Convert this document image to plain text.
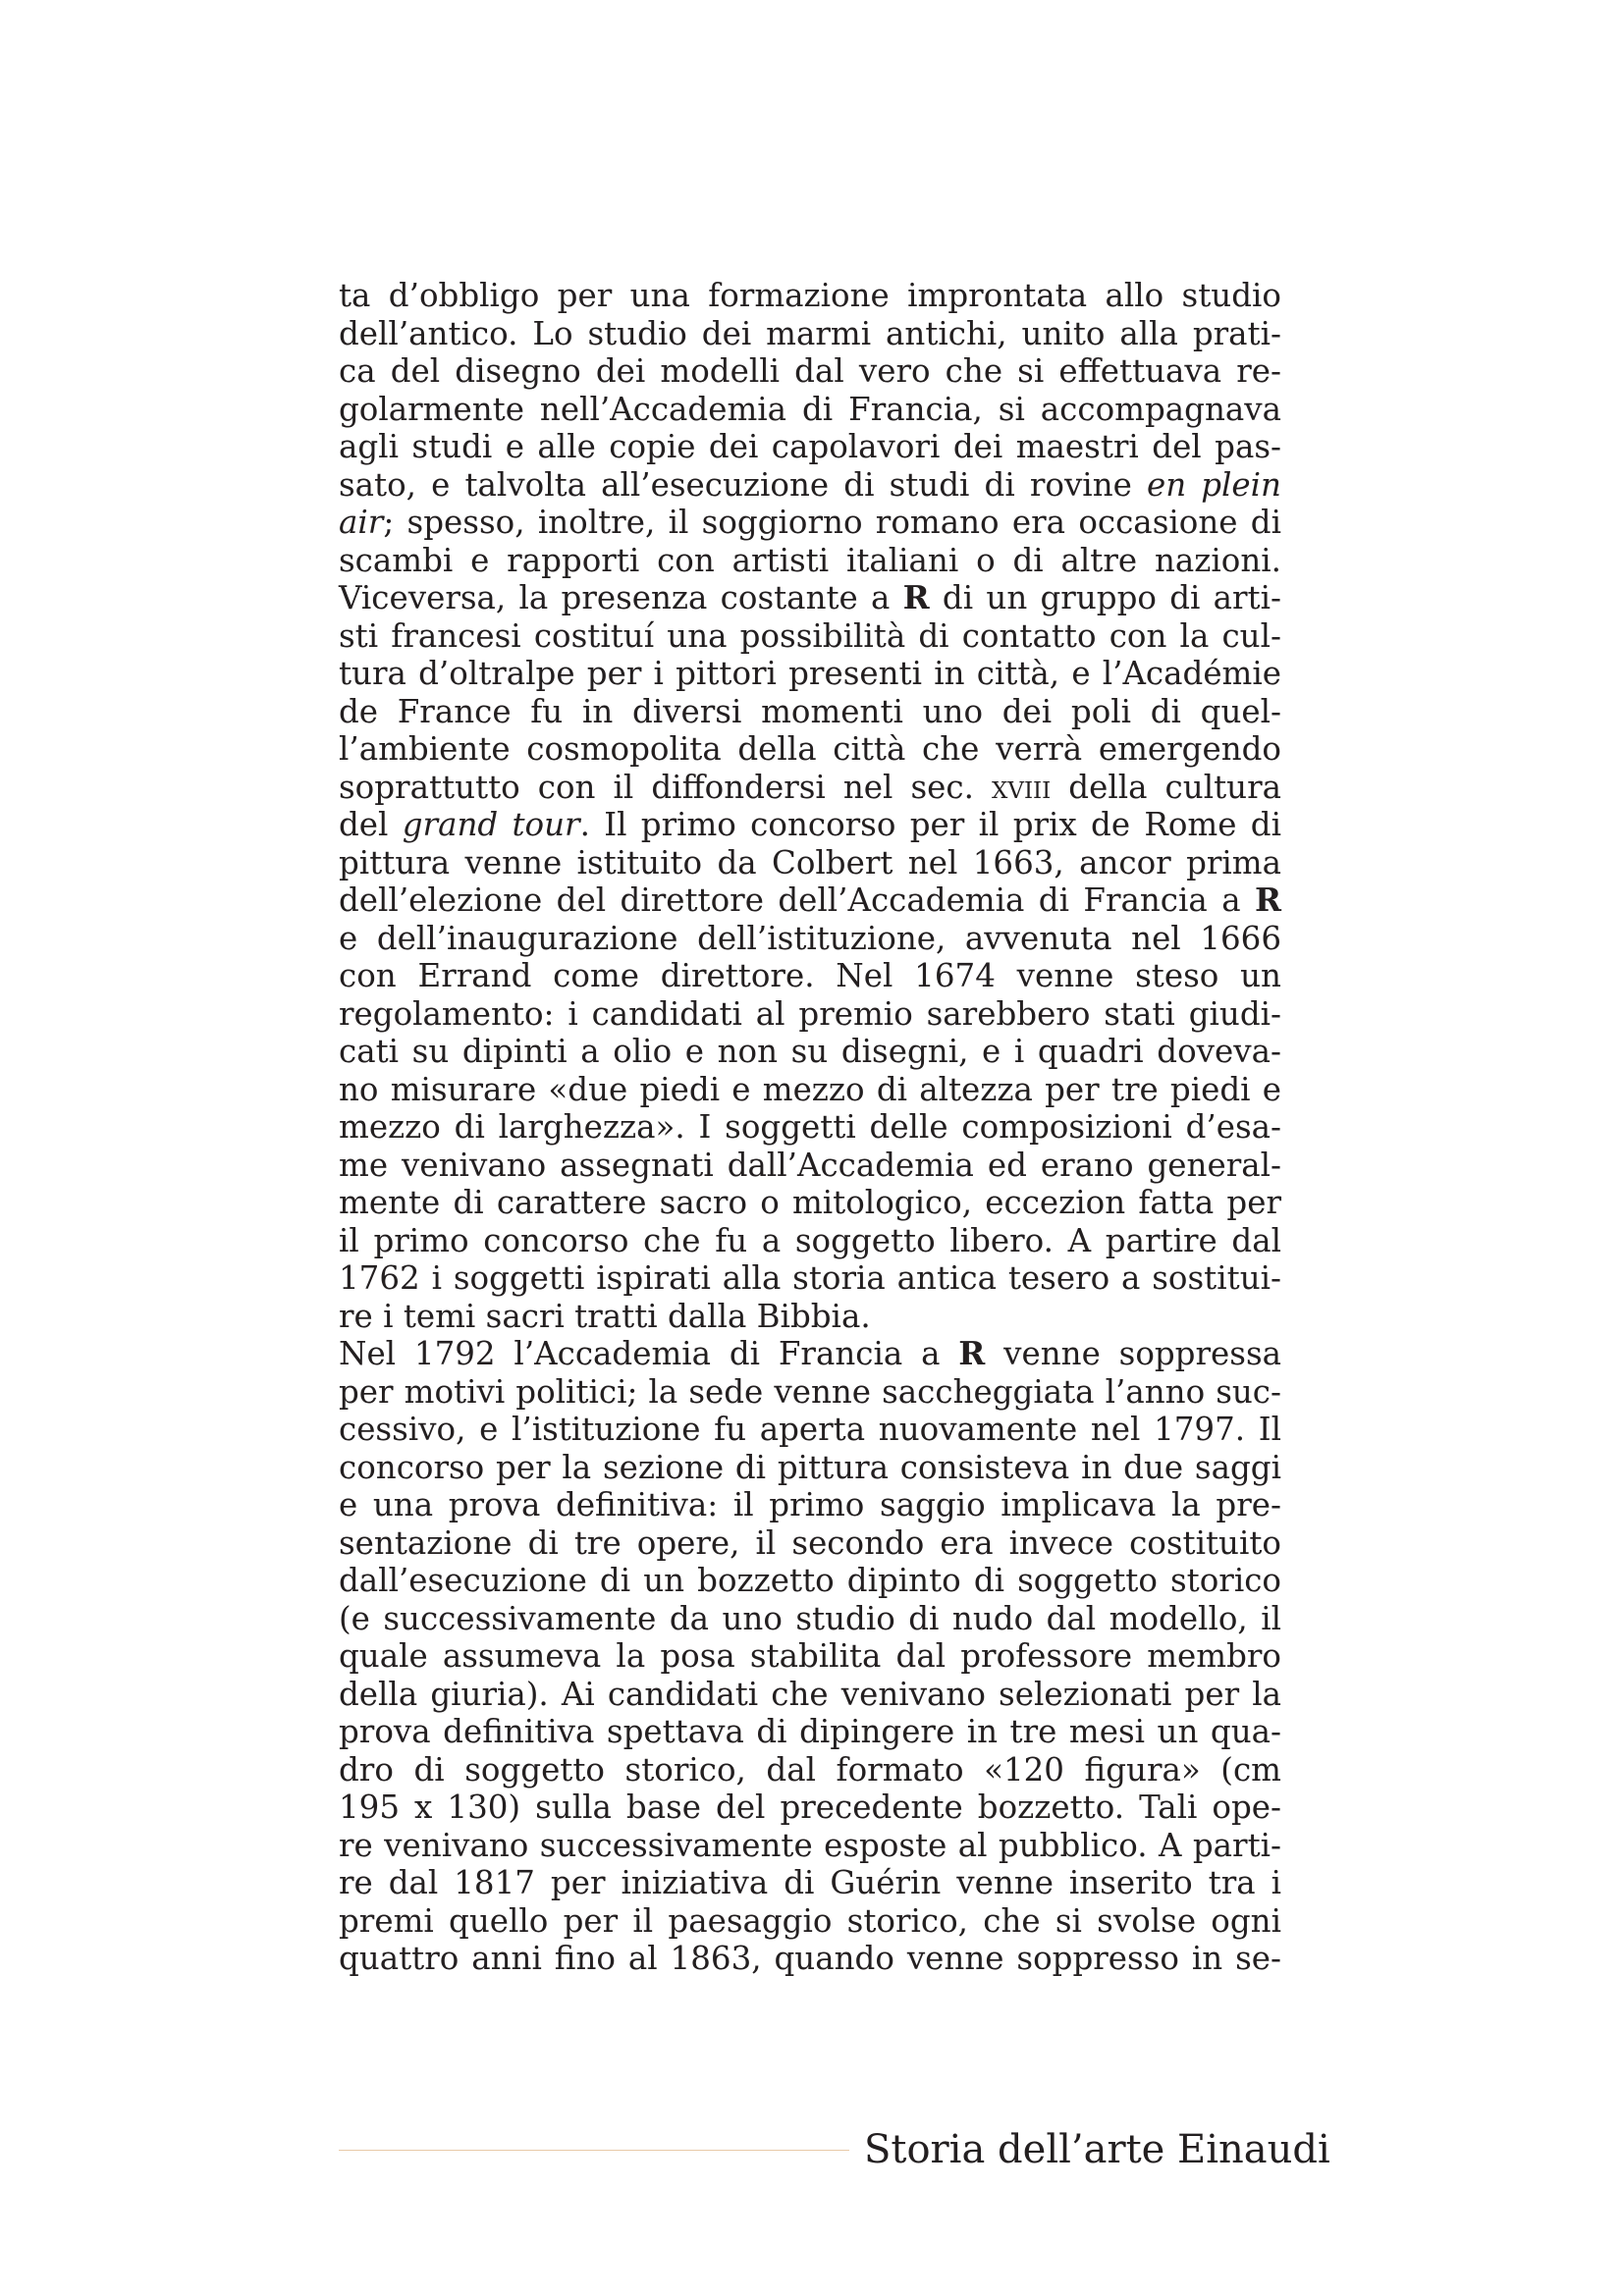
ta d’obbligo per una formazione improntata allo studio
dell’antico. Lo studio dei marmi antichi, unito alla prati-
ca del disegno dei modelli dal vero che si effettuava re-
golarmente nell’Accademia di Francia, si accompagnava
agli studi e alle copie dei capolavori dei maestri del pas-
sato, e talvolta all’esecuzione di studi di rovine en plein
air; spesso, inoltre, il soggiorno romano era occasione di
scambi e rapporti con artisti italiani o di altre nazioni.
Viceversa, la presenza costante a R di un gruppo di arti-
sti francesi costituí una possibilità di contatto con la cul-
tura d’oltralpe per i pittori presenti in città, e l’Académie
de France fu in diversi momenti uno dei poli di quel-
l’ambiente cosmopolita della città che verrà emergendo
soprattutto con il diffondersi nel sec. xviii della cultura
del grand tour. Il primo concorso per il prix de Rome di
pittura venne istituito da Colbert nel 1663, ancor prima
dell’elezione del direttore dell’Accademia di Francia a R
e dell’inaugurazione dell’istituzione, avvenuta nel 1666
con Errand come direttore. Nel 1674 venne steso un
regolamento: i candidati al premio sarebbero stati giudi-
cati su dipinti a olio e non su disegni, e i quadri doveva-
no misurare «due piedi e mezzo di altezza per tre piedi e
mezzo di larghezza». I soggetti delle composizioni d’esa-
me venivano assegnati dall’Accademia ed erano general-
mente di carattere sacro o mitologico, eccezion fatta per
il primo concorso che fu a soggetto libero. A partire dal
1762 i soggetti ispirati alla storia antica tesero a sostitui-
re i temi sacri tratti dalla Bibbia.
Nel 1792 l’Accademia di Francia a R venne soppressa
per motivi politici; la sede venne saccheggiata l’anno suc-
cessivo, e l’istituzione fu aperta nuovamente nel 1797. Il
concorso per la sezione di pittura consisteva in due saggi
e una prova definitiva: il primo saggio implicava la pre-
sentazione di tre opere, il secondo era invece costituito
dall’esecuzione di un bozzetto dipinto di soggetto storico
(e successivamente da uno studio di nudo dal modello, il
quale assumeva la posa stabilita dal professore membro
della giuria). Ai candidati che venivano selezionati per la
prova definitiva spettava di dipingere in tre mesi un qua-
dro di soggetto storico, dal formato «120 figura» (cm
195 x 130) sulla base del precedente bozzetto. Tali ope-
re venivano successivamente esposte al pubblico. A parti-
re dal 1817 per iniziativa di Guérin venne inserito tra i
premi quello per il paesaggio storico, che si svolse ogni
quattro anni fino al 1863, quando venne soppresso in se-
Storia dell’arte Einaudi
